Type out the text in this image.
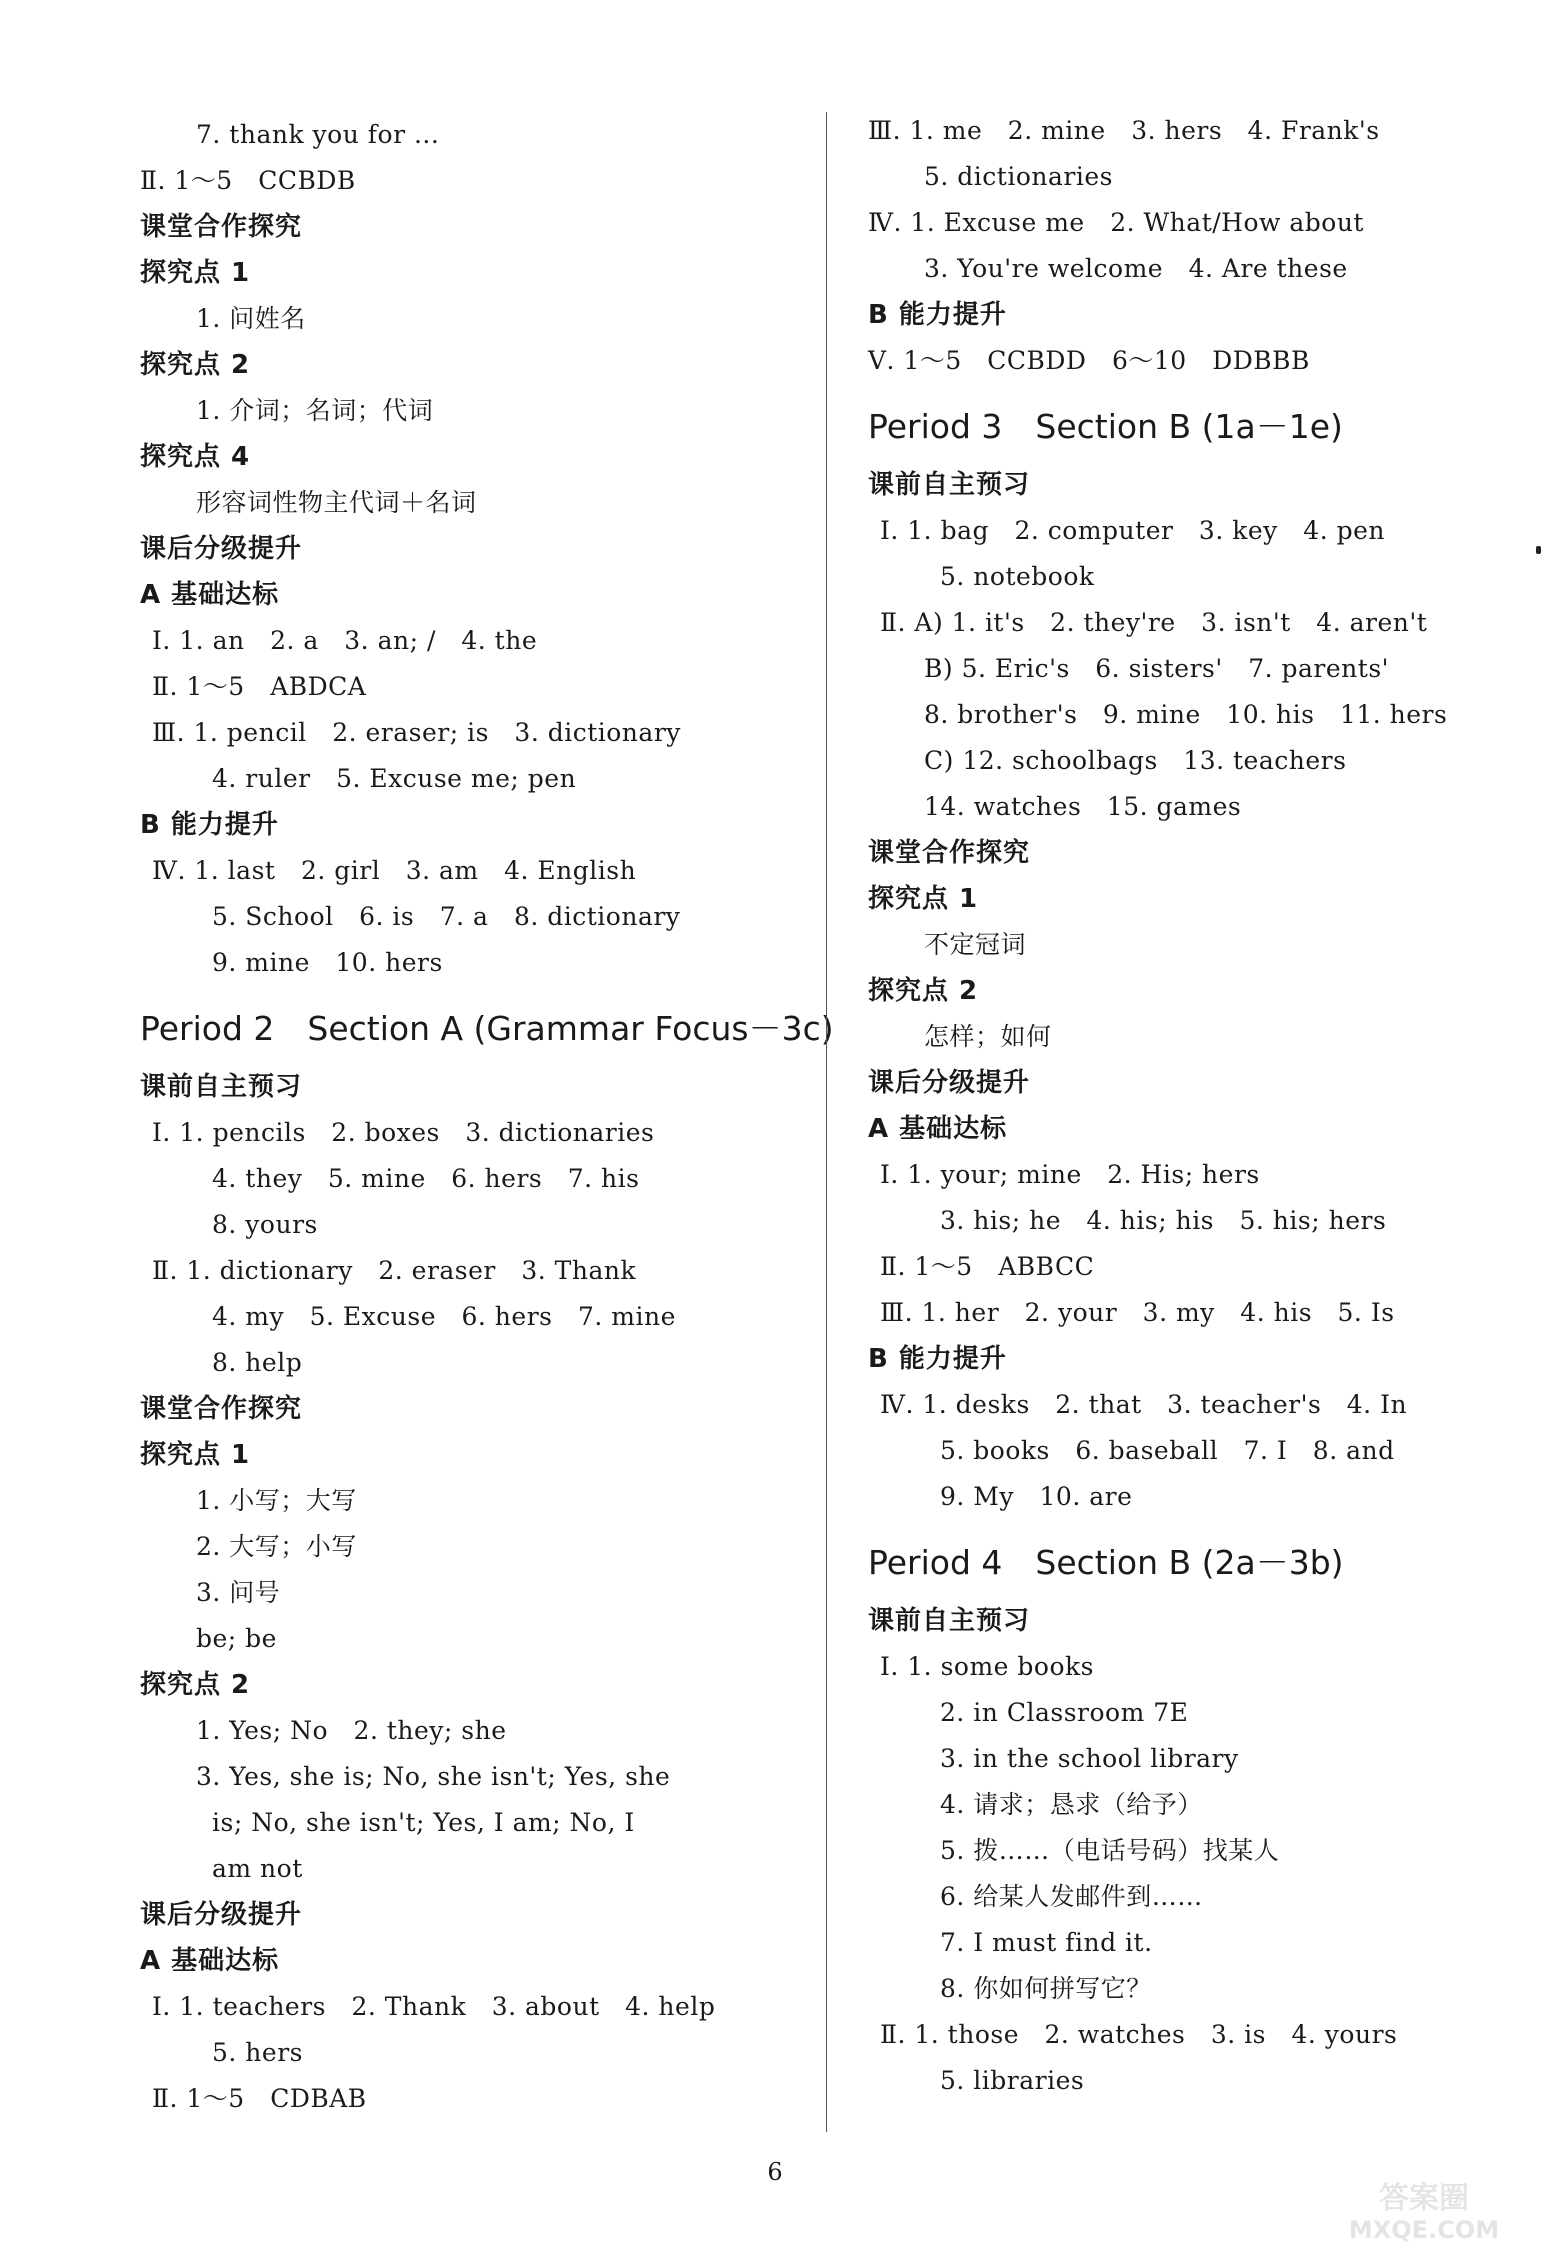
7. thank you for ...
Ⅱ. 1～5　CCBDB
课堂合作探究
探究点 1
1. 问姓名
探究点 2
1. 介词；名词；代词
探究点 4
形容词性物主代词＋名词
课后分级提升
A 基础达标
Ⅰ. 1. an　2. a　3. an; /　4. the
Ⅱ. 1～5　ABDCA
Ⅲ. 1. pencil　2. eraser; is　3. dictionary
4. ruler　5. Excuse me; pen
B 能力提升
Ⅳ. 1. last　2. girl　3. am　4. English
5. School　6. is　7. a　8. dictionary
9. mine　10. hers
Period 2　Section A (Grammar Focus－3c)
课前自主预习
Ⅰ. 1. pencils　2. boxes　3. dictionaries
4. they　5. mine　6. hers　7. his
8. yours
Ⅱ. 1. dictionary　2. eraser　3. Thank
4. my　5. Excuse　6. hers　7. mine
8. help
课堂合作探究
探究点 1
1. 小写；大写
2. 大写；小写
3. 问号
be; be
探究点 2
1. Yes; No　2. they; she
3. Yes, she is; No, she isn't; Yes, she
is; No, she isn't; Yes, I am; No, I
am not
课后分级提升
A 基础达标
Ⅰ. 1. teachers　2. Thank　3. about　4. help
5. hers
Ⅱ. 1～5　CDBAB
Ⅲ. 1. me　2. mine　3. hers　4. Frank's
5. dictionaries
Ⅳ. 1. Excuse me　2. What/How about
3. You're welcome　4. Are these
B 能力提升
Ⅴ. 1～5　CCBDD　6～10　DDBBB
Period 3　Section B (1a－1e)
课前自主预习
Ⅰ. 1. bag　2. computer　3. key　4. pen
5. notebook
Ⅱ. A) 1. it's　2. they're　3. isn't　4. aren't
B) 5. Eric's　6. sisters'　7. parents'
8. brother's　9. mine　10. his　11. hers
C) 12. schoolbags　13. teachers
14. watches　15. games
课堂合作探究
探究点 1
不定冠词
探究点 2
怎样；如何
课后分级提升
A 基础达标
Ⅰ. 1. your; mine　2. His; hers
3. his; he　4. his; his　5. his; hers
Ⅱ. 1～5　ABBCC
Ⅲ. 1. her　2. your　3. my　4. his　5. Is
B 能力提升
Ⅳ. 1. desks　2. that　3. teacher's　4. In
5. books　6. baseball　7. I　8. and
9. My　10. are
Period 4　Section B (2a－3b)
课前自主预习
Ⅰ. 1. some books
2. in Classroom 7E
3. in the school library
4. 请求；恳求（给予）
5. 拨……（电话号码）找某人
6. 给某人发邮件到……
7. I must find it.
8. 你如何拼写它？
Ⅱ. 1. those　2. watches　3. is　4. yours
5. libraries
6
答案圈
MXQE.COM
